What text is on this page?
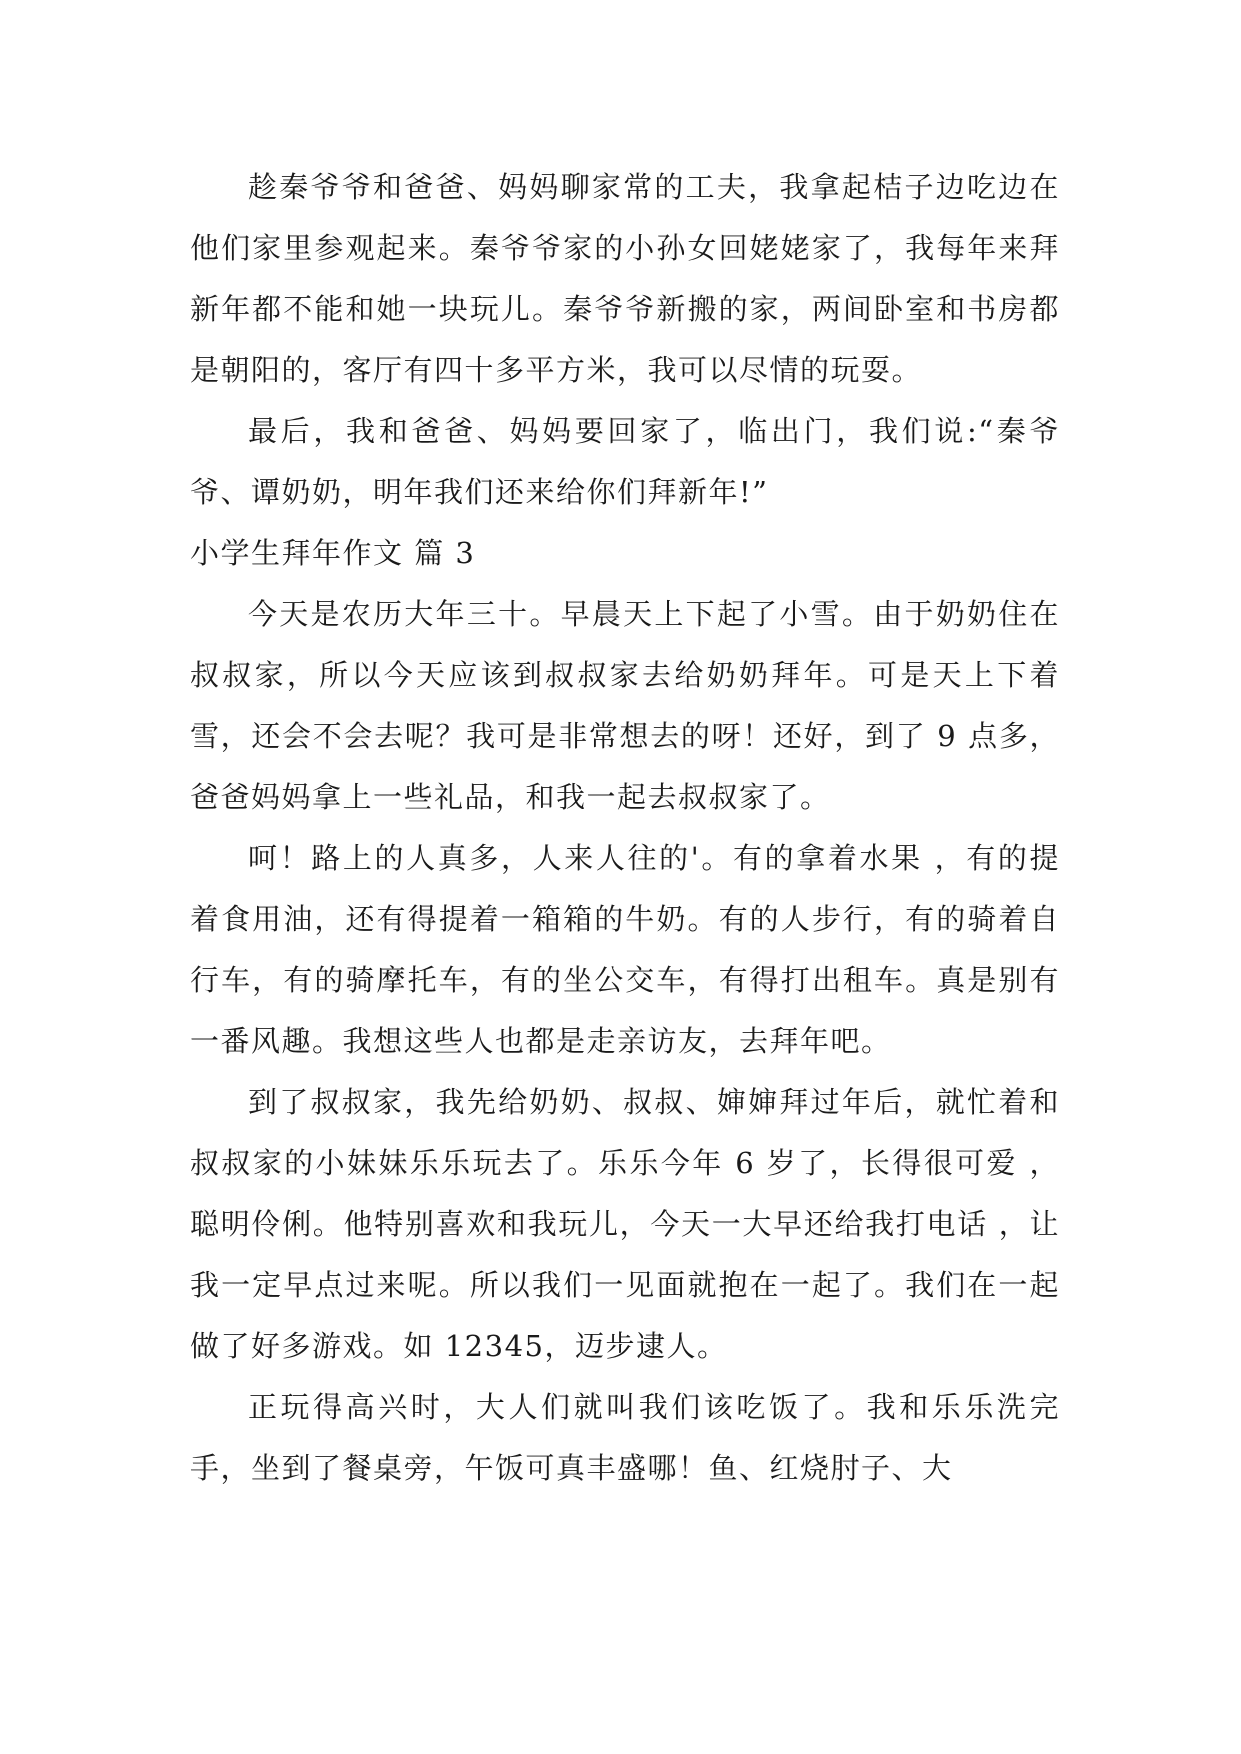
趁秦爷爷和爸爸、妈妈聊家常的工夫，我拿起桔子边吃边在他们家里参观起来。秦爷爷家的小孙女回姥姥家了，我每年来拜新年都不能和她一块玩儿。秦爷爷新搬的家，两间卧室和书房都是朝阳的，客厅有四十多平方米，我可以尽情的玩耍。

最后，我和爸爸、妈妈要回家了，临出门，我们说:“秦爷爷、谭奶奶，明年我们还来给你们拜新年!”

小学生拜年作文 篇 3

今天是农历大年三十。早晨天上下起了小雪。由于奶奶住在叔叔家，所以今天应该到叔叔家去给奶奶拜年。可是天上下着雪，还会不会去呢？我可是非常想去的呀！还好，到了 9 点多，爸爸妈妈拿上一些礼品，和我一起去叔叔家了。

呵！路上的人真多，人来人往的'。有的拿着水果 ，有的提着食用油，还有得提着一箱箱的牛奶。有的人步行，有的骑着自行车，有的骑摩托车，有的坐公交车，有得打出租车。真是别有一番风趣。我想这些人也都是走亲访友，去拜年吧。

到了叔叔家，我先给奶奶、叔叔、婶婶拜过年后，就忙着和叔叔家的小妹妹乐乐玩去了。乐乐今年 6 岁了，长得很可爱 ，聪明伶俐。他特别喜欢和我玩儿，今天一大早还给我打电话 ，让我一定早点过来呢。所以我们一见面就抱在一起了。我们在一起做了好多游戏。如 12345，迈步逮人。

正玩得高兴时，大人们就叫我们该吃饭了。我和乐乐洗完手，坐到了餐桌旁，午饭可真丰盛哪！鱼、红烧肘子、大
